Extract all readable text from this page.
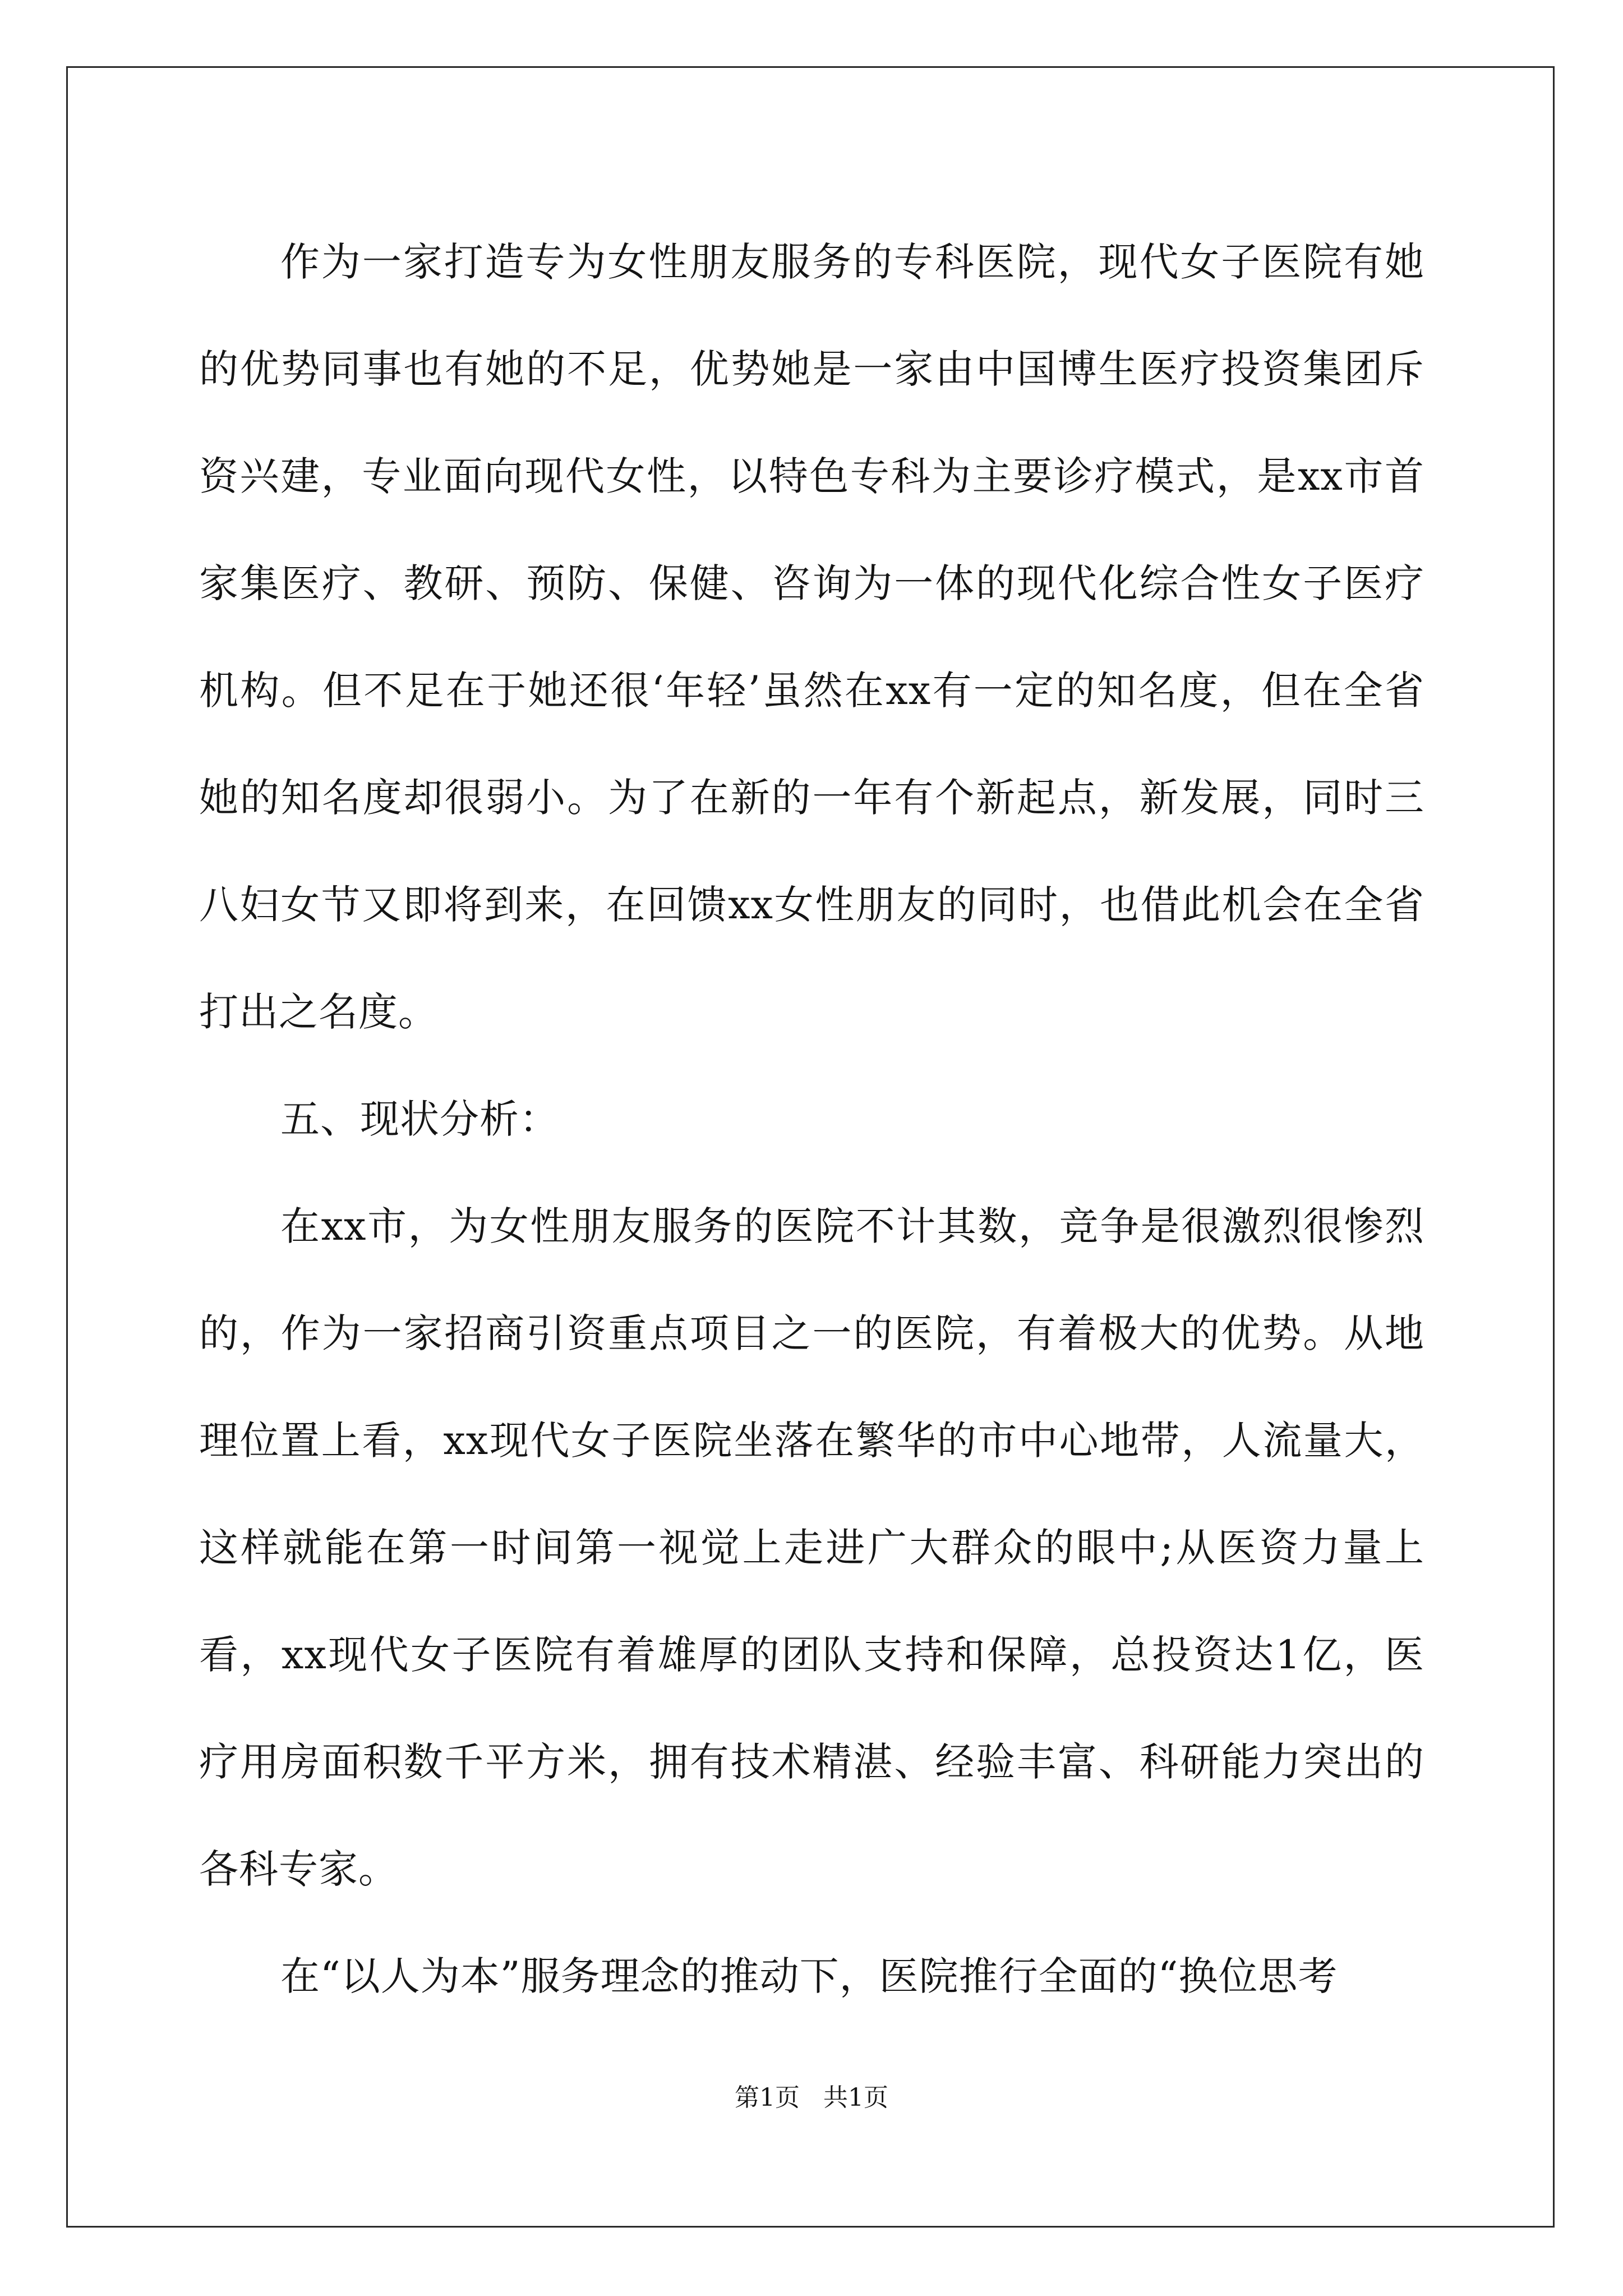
作为一家打造专为女性朋友服务的专科医院，现代女子医院有她的优势同事也有她的不足，优势她是一家由中国博生医疗投资集团斥资兴建，专业面向现代女性，以特色专科为主要诊疗模式，是xx市首家集医疗、教研、预防、保健、咨询为一体的现代化综合性女子医疗机构。但不足在于她还很‘年轻’虽然在xx有一定的知名度，但在全省她的知名度却很弱小。为了在新的一年有个新起点，新发展，同时三八妇女节又即将到来，在回馈xx女性朋友的同时，也借此机会在全省打出之名度。

五、现状分析：

在xx市，为女性朋友服务的医院不计其数，竞争是很激烈很惨烈的，作为一家招商引资重点项目之一的医院，有着极大的优势。从地理位置上看，xx现代女子医院坐落在繁华的市中心地带，人流量大，这样就能在第一时间第一视觉上走进广大群众的眼中;从医资力量上看，xx现代女子医院有着雄厚的团队支持和保障，总投资达1亿，医疗用房面积数千平方米，拥有技术精湛、经验丰富、科研能力突出的各科专家。

在“以人为本”服务理念的推动下，医院推行全面的“换位思考

第1页 共1页
